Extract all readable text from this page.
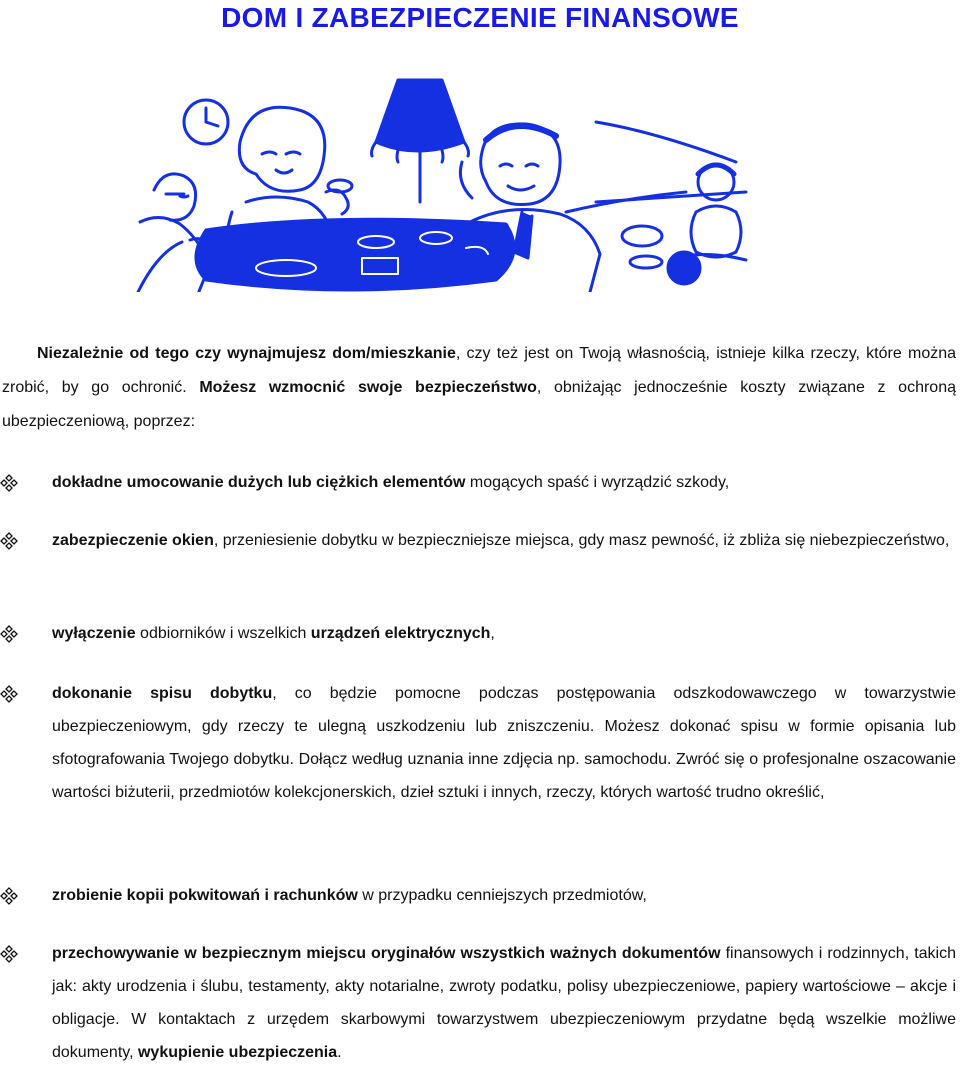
DOM I ZABEZPIECZENIE FINANSOWE

Niezależnie od tego czy wynajmujesz dom/mieszkanie, czy też jest on Twoją własnością, istnieje kilka rzeczy, które można zrobić, by go ochronić. Możesz wzmocnić swoje bezpieczeństwo, obniżając jednocześnie koszty związane z ochroną ubezpieczeniową, poprzez:

dokładne umocowanie dużych lub ciężkich elementów mogących spaść i wyrządzić szkody,

zabezpieczenie okien, przeniesienie dobytku w bezpieczniejsze miejsca, gdy masz pewność, iż zbliża się niebezpieczeństwo,

wyłączenie odbiorników i wszelkich urządzeń elektrycznych,

dokonanie spisu dobytku, co będzie pomocne podczas postępowania odszkodowawczego w towarzystwie ubezpieczeniowym, gdy rzeczy te ulegną uszkodzeniu lub zniszczeniu. Możesz dokonać spisu w formie opisania lub sfotografowania Twojego dobytku. Dołącz według uznania inne zdjęcia np. samochodu. Zwróć się o profesjonalne oszacowanie wartości biżuterii, przedmiotów kolekcjonerskich, dzieł sztuki i innych, rzeczy, których wartość trudno określić,

zrobienie kopii pokwitowań i rachunków w przypadku cenniejszych przedmiotów,

przechowywanie w bezpiecznym miejscu oryginałów wszystkich ważnych dokumentów finansowych i rodzinnych, takich jak: akty urodzenia i ślubu, testamenty, akty notarialne, zwroty podatku, polisy ubezpieczeniowe, papiery wartościowe – akcje i obligacje. W kontaktach z urzędem skarbowymi towarzystwem ubezpieczeniowym przydatne będą wszelkie możliwe dokumenty, wykupienie ubezpieczenia.
